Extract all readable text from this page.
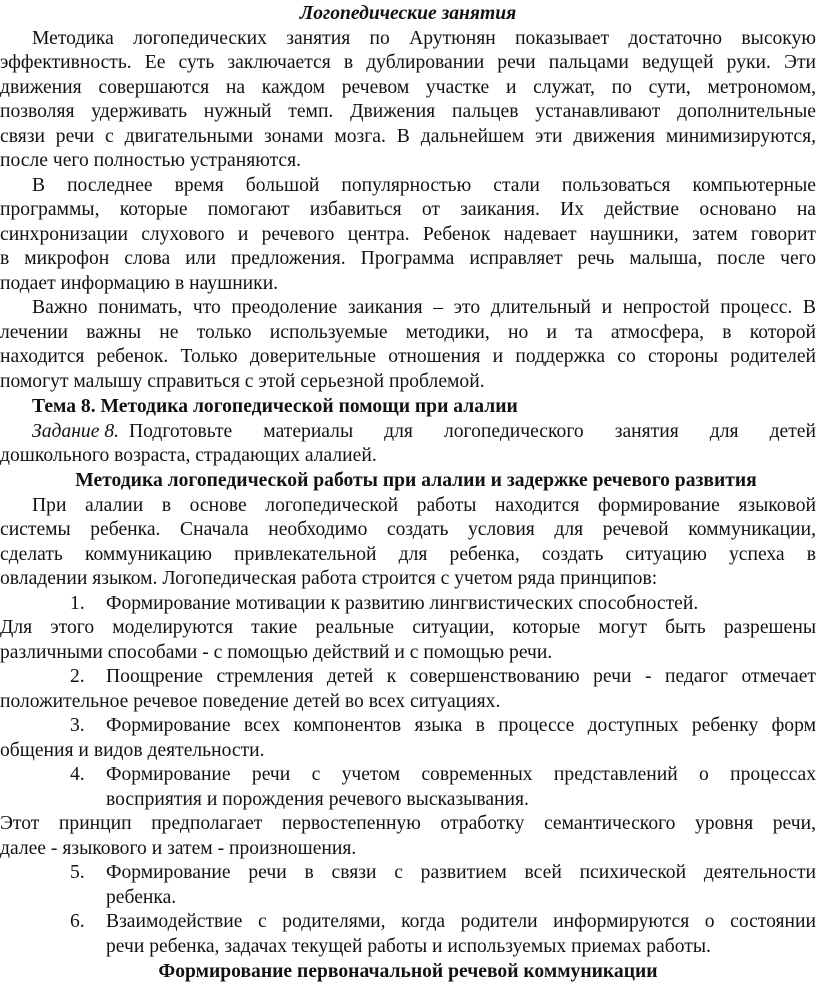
Логопедические занятия
Методика логопедических занятия по Арутюнян показывает достаточно высокую
эффективность. Ее суть заключается в дублировании речи пальцами ведущей руки. Эти
движения совершаются на каждом речевом участке и служат, по сути, метрономом,
позволяя удерживать нужный темп. Движения пальцев устанавливают дополнительные
связи речи с двигательными зонами мозга. В дальнейшем эти движения минимизируются,
после чего полностью устраняются.
В последнее время большой популярностью стали пользоваться компьютерные
программы, которые помогают избавиться от заикания. Их действие основано на
синхронизации слухового и речевого центра. Ребенок надевает наушники, затем говорит
в микрофон слова или предложения. Программа исправляет речь малыша, после чего
подает информацию в наушники.
Важно понимать, что преодоление заикания – это длительный и непростой процесс. В
лечении важны не только используемые методики, но и та атмосфера, в которой
находится ребенок. Только доверительные отношения и поддержка со стороны родителей
помогут малышу справиться с этой серьезной проблемой.
Тема 8. Методика логопедической помощи при алалии
Задание 8. Подготовьте материалы для логопедического занятия для детей
дошкольного возраста, страдающих алалией.
Методика логопедической работы при алалии и задержке речевого развития
При алалии в основе логопедической работы находится формирование языковой
системы ребенка. Сначала необходимо создать условия для речевой коммуникации,
сделать коммуникацию привлекательной для ребенка, создать ситуацию успеха в
овладении языком. Логопедическая работа строится с учетом ряда принципов:
1.	Формирование мотивации к развитию лингвистических способностей.
Для этого моделируются такие реальные ситуации, которые могут быть разрешены
различными способами - с помощью действий и с помощью речи.
2.	Поощрение стремления детей к совершенствованию речи - педагог отмечает
положительное речевое поведение детей во всех ситуациях.
3.	Формирование всех компонентов языка в процессе доступных ребенку форм
общения и видов деятельности.
4.	Формирование речи с учетом современных представлений о процессах
восприятия и порождения речевого высказывания.
Этот принцип предполагает первостепенную отработку семантического уровня речи,
далее - языкового и затем - произношения.
5.	Формирование речи в связи с развитием всей психической деятельности
ребенка.
6.	Взаимодействие с родителями, когда родители информируются о состоянии
речи ребенка, задачах текущей работы и используемых приемах работы.
Формирование первоначальной речевой коммуникации
